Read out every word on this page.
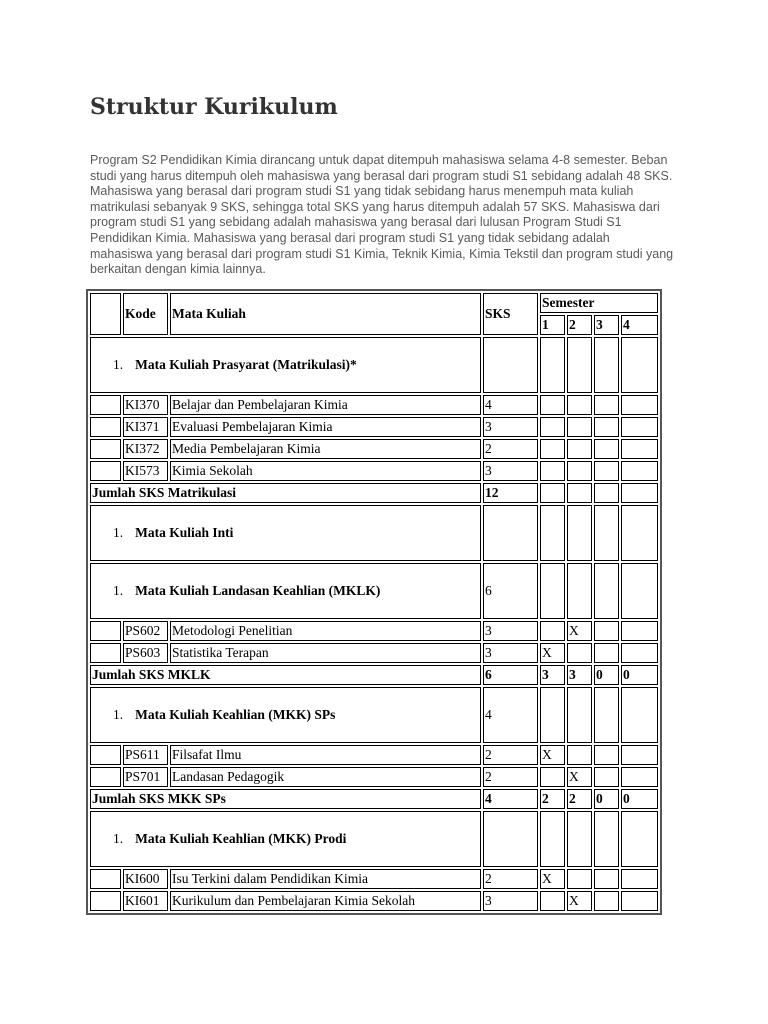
Struktur Kurikulum

Program S2 Pendidikan Kimia dirancang untuk dapat ditempuh mahasiswa selama 4-8 semester. Beban studi yang harus ditempuh oleh mahasiswa yang berasal dari program studi S1 sebidang adalah 48 SKS. Mahasiswa yang berasal dari program studi S1 yang tidak sebidang harus menempuh mata kuliah matrikulasi sebanyak 9 SKS, sehingga total SKS yang harus ditempuh adalah 57 SKS. Mahasiswa dari program studi S1 yang sebidang adalah mahasiswa yang berasal dari lulusan Program Studi S1 Pendidikan Kimia. Mahasiswa yang berasal dari program studi S1 yang tidak sebidang adalah mahasiswa yang berasal dari program studi S1 Kimia, Teknik Kimia, Kimia Tekstil dan program studi yang berkaitan dengan kimia lainnya.

	Kode	Mata Kuliah	SKS	Semester			
				1	2	3	4
1. Mata Kuliah Prasyarat (Matrikulasi)*							
	KI370	Belajar dan Pembelajaran Kimia	4				
	KI371	Evaluasi Pembelajaran Kimia	3				
	KI372	Media Pembelajaran Kimia	2				
	KI573	Kimia Sekolah	3				
Jumlah SKS Matrikulasi			12				
1. Mata Kuliah Inti							
1. Mata Kuliah Landasan Keahlian (MKLK)			6				
	PS602	Metodologi Penelitian	3		X		
	PS603	Statistika Terapan	3	X			
Jumlah SKS MKLK			6	3	3	0	0
1. Mata Kuliah Keahlian (MKK) SPs			4				
	PS611	Filsafat Ilmu	2	X			
	PS701	Landasan Pedagogik	2		X		
Jumlah SKS MKK SPs			4	2	2	0	0
1. Mata Kuliah Keahlian (MKK) Prodi							
	KI600	Isu Terkini dalam Pendidikan Kimia	2	X			
	KI601	Kurikulum dan Pembelajaran Kimia Sekolah	3		X		
